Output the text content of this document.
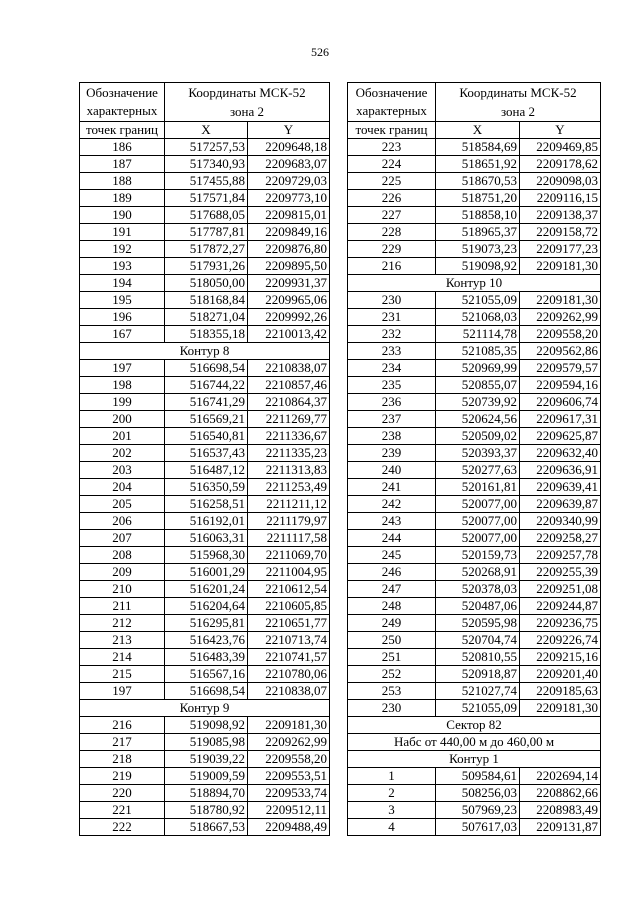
526
Обозначение
характерных	Координаты МСК-52	
	зона 2	
точек границ	X	Y
186	517257,53	2209648,18
187	517340,93	2209683,07
188	517455,88	2209729,03
189	517571,84	2209773,10
190	517688,05	2209815,01
191	517787,81	2209849,16
192	517872,27	2209876,80
193	517931,26	2209895,50
194	518050,00	2209931,37
195	518168,84	2209965,06
196	518271,04	2209992,26
167	518355,18	2210013,42
Контур 8		
197	516698,54	2210838,07
198	516744,22	2210857,46
199	516741,29	2210864,37
200	516569,21	2211269,77
201	516540,81	2211336,67
202	516537,43	2211335,23
203	516487,12	2211313,83
204	516350,59	2211253,49
205	516258,51	2211211,12
206	516192,01	2211179,97
207	516063,31	2211117,58
208	515968,30	2211069,70
209	516001,29	2211004,95
210	516201,24	2210612,54
211	516204,64	2210605,85
212	516295,81	2210651,77
213	516423,76	2210713,74
214	516483,39	2210741,57
215	516567,16	2210780,06
197	516698,54	2210838,07
Контур 9		
216	519098,92	2209181,30
217	519085,98	2209262,99
218	519039,22	2209558,20
219	519009,59	2209553,51
220	518894,70	2209533,74
221	518780,92	2209512,11
222	518667,53	2209488,49
Обозначение
характерных	Координаты МСК-52	
	зона 2	
точек границ	X	Y
223	518584,69	2209469,85
224	518651,92	2209178,62
225	518670,53	2209098,03
226	518751,20	2209116,15
227	518858,10	2209138,37
228	518965,37	2209158,72
229	519073,23	2209177,23
216	519098,92	2209181,30
Контур 10		
230	521055,09	2209181,30
231	521068,03	2209262,99
232	521114,78	2209558,20
233	521085,35	2209562,86
234	520969,99	2209579,57
235	520855,07	2209594,16
236	520739,92	2209606,74
237	520624,56	2209617,31
238	520509,02	2209625,87
239	520393,37	2209632,40
240	520277,63	2209636,91
241	520161,81	2209639,41
242	520077,00	2209639,87
243	520077,00	2209340,99
244	520077,00	2209258,27
245	520159,73	2209257,78
246	520268,91	2209255,39
247	520378,03	2209251,08
248	520487,06	2209244,87
249	520595,98	2209236,75
250	520704,74	2209226,74
251	520810,55	2209215,16
252	520918,87	2209201,40
253	521027,74	2209185,63
230	521055,09	2209181,30
Сектор 82		
Набс от 440,00 м до 460,00 м		
Контур 1		
1	509584,61	2202694,14
2	508256,03	2208862,66
3	507969,23	2208983,49
4	507617,03	2209131,87
